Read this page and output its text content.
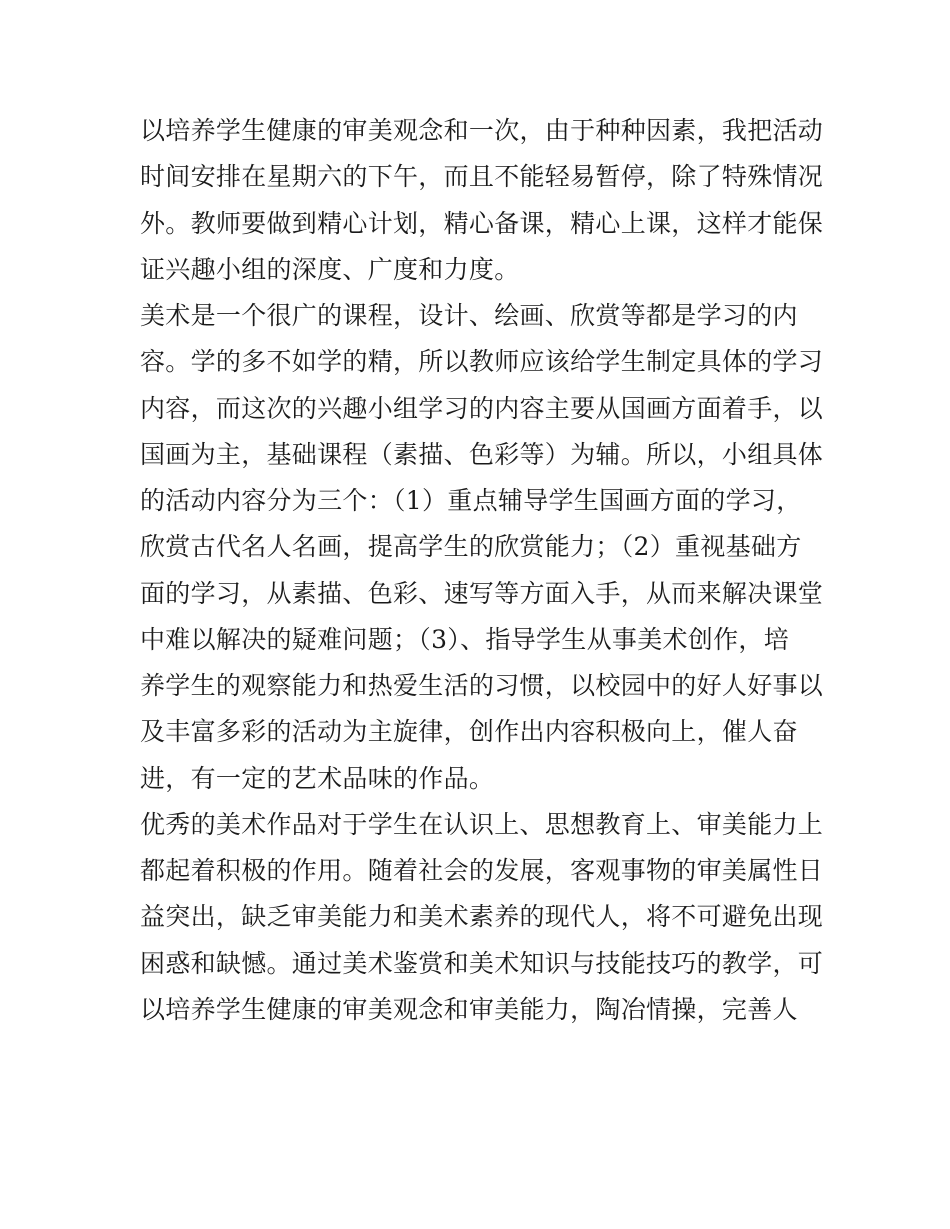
以培养学生健康的审美观念和一次，由于种种因素，我把活动
时间安排在星期六的下午，而且不能轻易暂停，除了特殊情况
外。教师要做到精心计划，精心备课，精心上课，这样才能保
证兴趣小组的深度、广度和力度。
美术是一个很广的课程，设计、绘画、欣赏等都是学习的内
容。学的多不如学的精，所以教师应该给学生制定具体的学习
内容，而这次的兴趣小组学习的内容主要从国画方面着手，以
国画为主，基础课程（素描、色彩等）为辅。所以，小组具体
的活动内容分为三个：（1）重点辅导学生国画方面的学习，
欣赏古代名人名画，提高学生的欣赏能力；（2）重视基础方
面的学习，从素描、色彩、速写等方面入手，从而来解决课堂
中难以解决的疑难问题；（3）、指导学生从事美术创作，培
养学生的观察能力和热爱生活的习惯，以校园中的好人好事以
及丰富多彩的活动为主旋律，创作出内容积极向上，催人奋
进，有一定的艺术品味的作品。
优秀的美术作品对于学生在认识上、思想教育上、审美能力上
都起着积极的作用。随着社会的发展，客观事物的审美属性日
益突出，缺乏审美能力和美术素养的现代人，将不可避免出现
困惑和缺憾。通过美术鉴赏和美术知识与技能技巧的教学，可
以培养学生健康的审美观念和审美能力，陶冶情操，完善人
